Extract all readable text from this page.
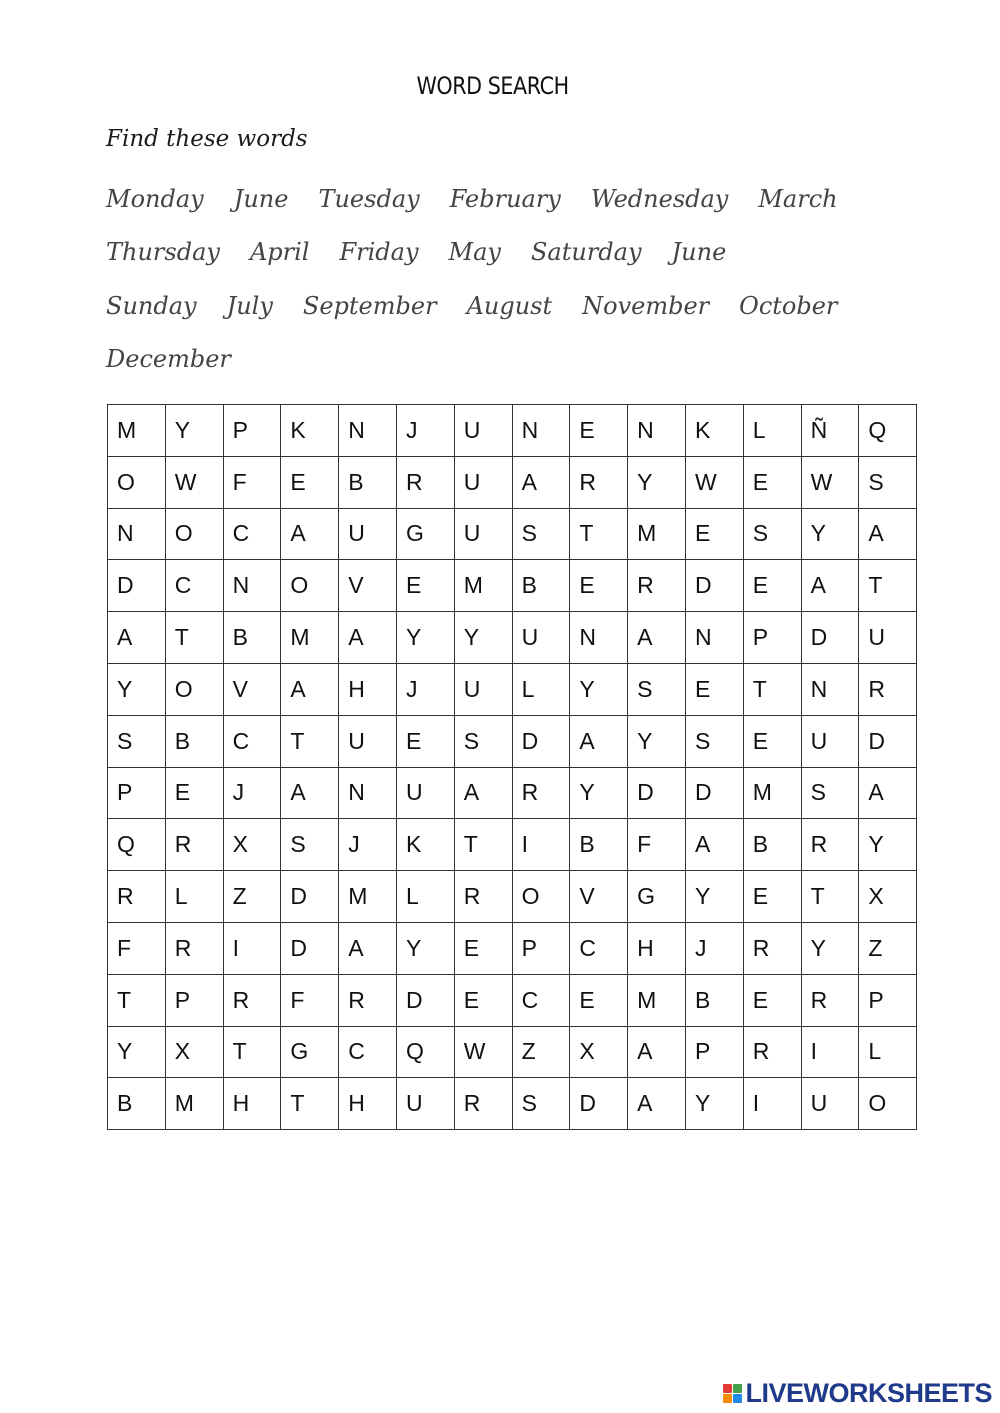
WORD SEARCH
Find these words
Monday June Tuesday February Wednesday March
Thursday April Friday May Saturday June
Sunday July September August November October
December
M	Y	P	K	N	J	U	N	E	N	K	L	Ñ	Q
O	W	F	E	B	R	U	A	R	Y	W	E	W	S
N	O	C	A	U	G	U	S	T	M	E	S	Y	A
D	C	N	O	V	E	M	B	E	R	D	E	A	T
A	T	B	M	A	Y	Y	U	N	A	N	P	D	U
Y	O	V	A	H	J	U	L	Y	S	E	T	N	R
S	B	C	T	U	E	S	D	A	Y	S	E	U	D
P	E	J	A	N	U	A	R	Y	D	D	M	S	A
Q	R	X	S	J	K	T	I	B	F	A	B	R	Y
R	L	Z	D	M	L	R	O	V	G	Y	E	T	X
F	R	I	D	A	Y	E	P	C	H	J	R	Y	Z
T	P	R	F	R	D	E	C	E	M	B	E	R	P
Y	X	T	G	C	Q	W	Z	X	A	P	R	I	L
B	M	H	T	H	U	R	S	D	A	Y	I	U	O
LIVEWORKSHEETS
